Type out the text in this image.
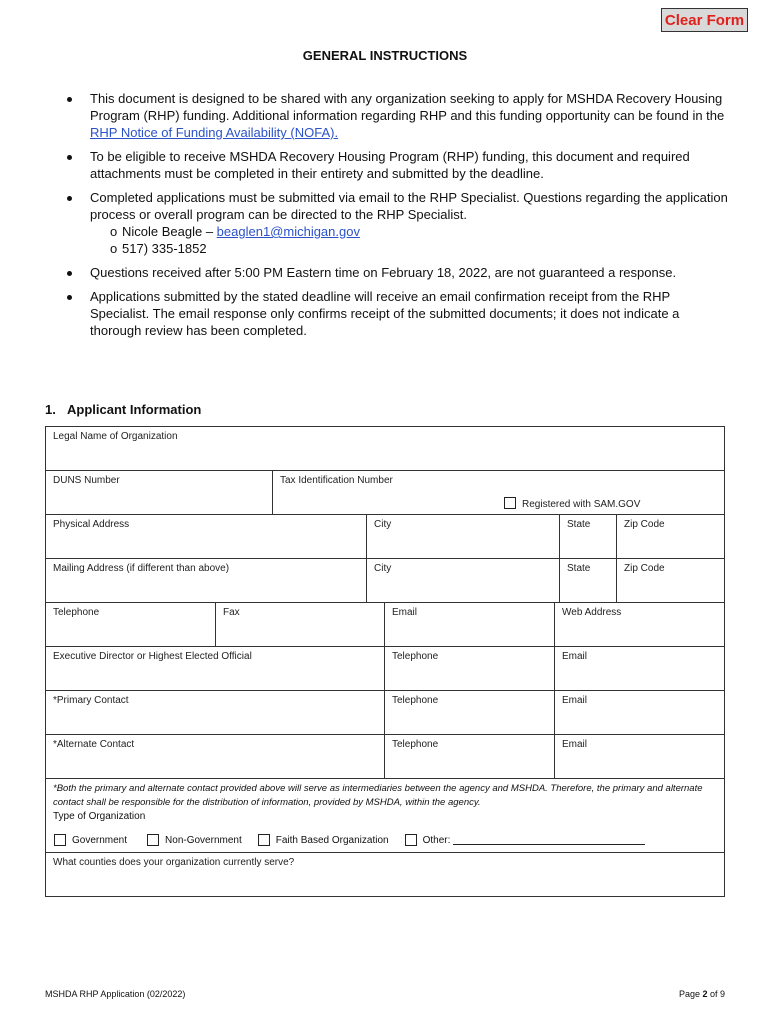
Clear Form
GENERAL INSTRUCTIONS
This document is designed to be shared with any organization seeking to apply for MSHDA Recovery Housing Program (RHP) funding. Additional information regarding RHP and this funding opportunity can be found in the RHP Notice of Funding Availability (NOFA).
To be eligible to receive MSHDA Recovery Housing Program (RHP) funding, this document and required attachments must be completed in their entirety and submitted by the deadline.
Completed applications must be submitted via email to the RHP Specialist. Questions regarding the application process or overall program can be directed to the RHP Specialist.
o Nicole Beagle – beaglen1@michigan.gov
o 517) 335-1852
Questions received after 5:00 PM Eastern time on February 18, 2022, are not guaranteed a response.
Applications submitted by the stated deadline will receive an email confirmation receipt from the RHP Specialist. The email response only confirms receipt of the submitted documents; it does not indicate a thorough review has been completed.
1. Applicant Information
Legal Name of Organization
DUNS Number	Tax Identification Number
Registered with SAM.GOV
Physical Address	City	State	Zip Code
Mailing Address (if different than above)	City	State	Zip Code
Telephone	Fax	Email	Web Address
Executive Director or Highest Elected Official	Telephone	Email
*Primary Contact	Telephone	Email
*Alternate Contact	Telephone	Email
*Both the primary and alternate contact provided above will serve as intermediaries between the agency and MSHDA. Therefore, the primary and alternate contact shall be responsible for the distribution of information, provided by MSHDA, within the agency.
Type of Organization
Government	Non-Government	Faith Based Organization	Other:
What counties does your organization currently serve?
MSHDA RHP Application (02/2022)	Page 2 of 9
